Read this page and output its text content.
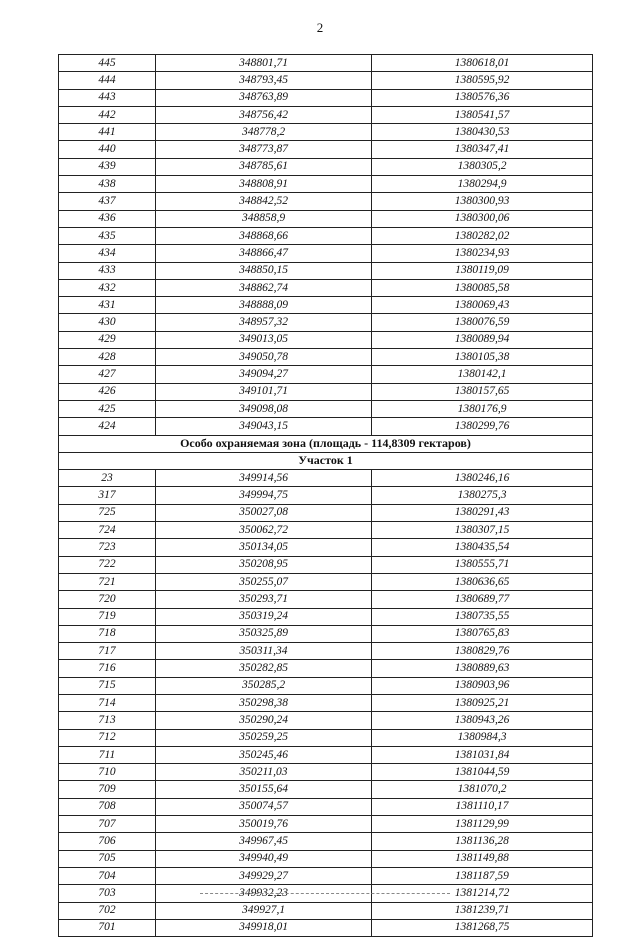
2
445	348801,71	1380618,01
444	348793,45	1380595,92
443	348763,89	1380576,36
442	348756,42	1380541,57
441	348778,2	1380430,53
440	348773,87	1380347,41
439	348785,61	1380305,2
438	348808,91	1380294,9
437	348842,52	1380300,93
436	348858,9	1380300,06
435	348868,66	1380282,02
434	348866,47	1380234,93
433	348850,15	1380119,09
432	348862,74	1380085,58
431	348888,09	1380069,43
430	348957,32	1380076,59
429	349013,05	1380089,94
428	349050,78	1380105,38
427	349094,27	1380142,1
426	349101,71	1380157,65
425	349098,08	1380176,9
424	349043,15	1380299,76
Особо охраняемая зона (площадь - 114,8309 гектаров)		
Участок 1		
23	349914,56	1380246,16
317	349994,75	1380275,3
725	350027,08	1380291,43
724	350062,72	1380307,15
723	350134,05	1380435,54
722	350208,95	1380555,71
721	350255,07	1380636,65
720	350293,71	1380689,77
719	350319,24	1380735,55
718	350325,89	1380765,83
717	350311,34	1380829,76
716	350282,85	1380889,63
715	350285,2	1380903,96
714	350298,38	1380925,21
713	350290,24	1380943,26
712	350259,25	1380984,3
711	350245,46	1381031,84
710	350211,03	1381044,59
709	350155,64	1381070,2
708	350074,57	1381110,17
707	350019,76	1381129,99
706	349967,45	1381136,28
705	349940,49	1381149,88
704	349929,27	1381187,59
703	349932,23	1381214,72
702	349927,1	1381239,71
701	349918,01	1381268,75
